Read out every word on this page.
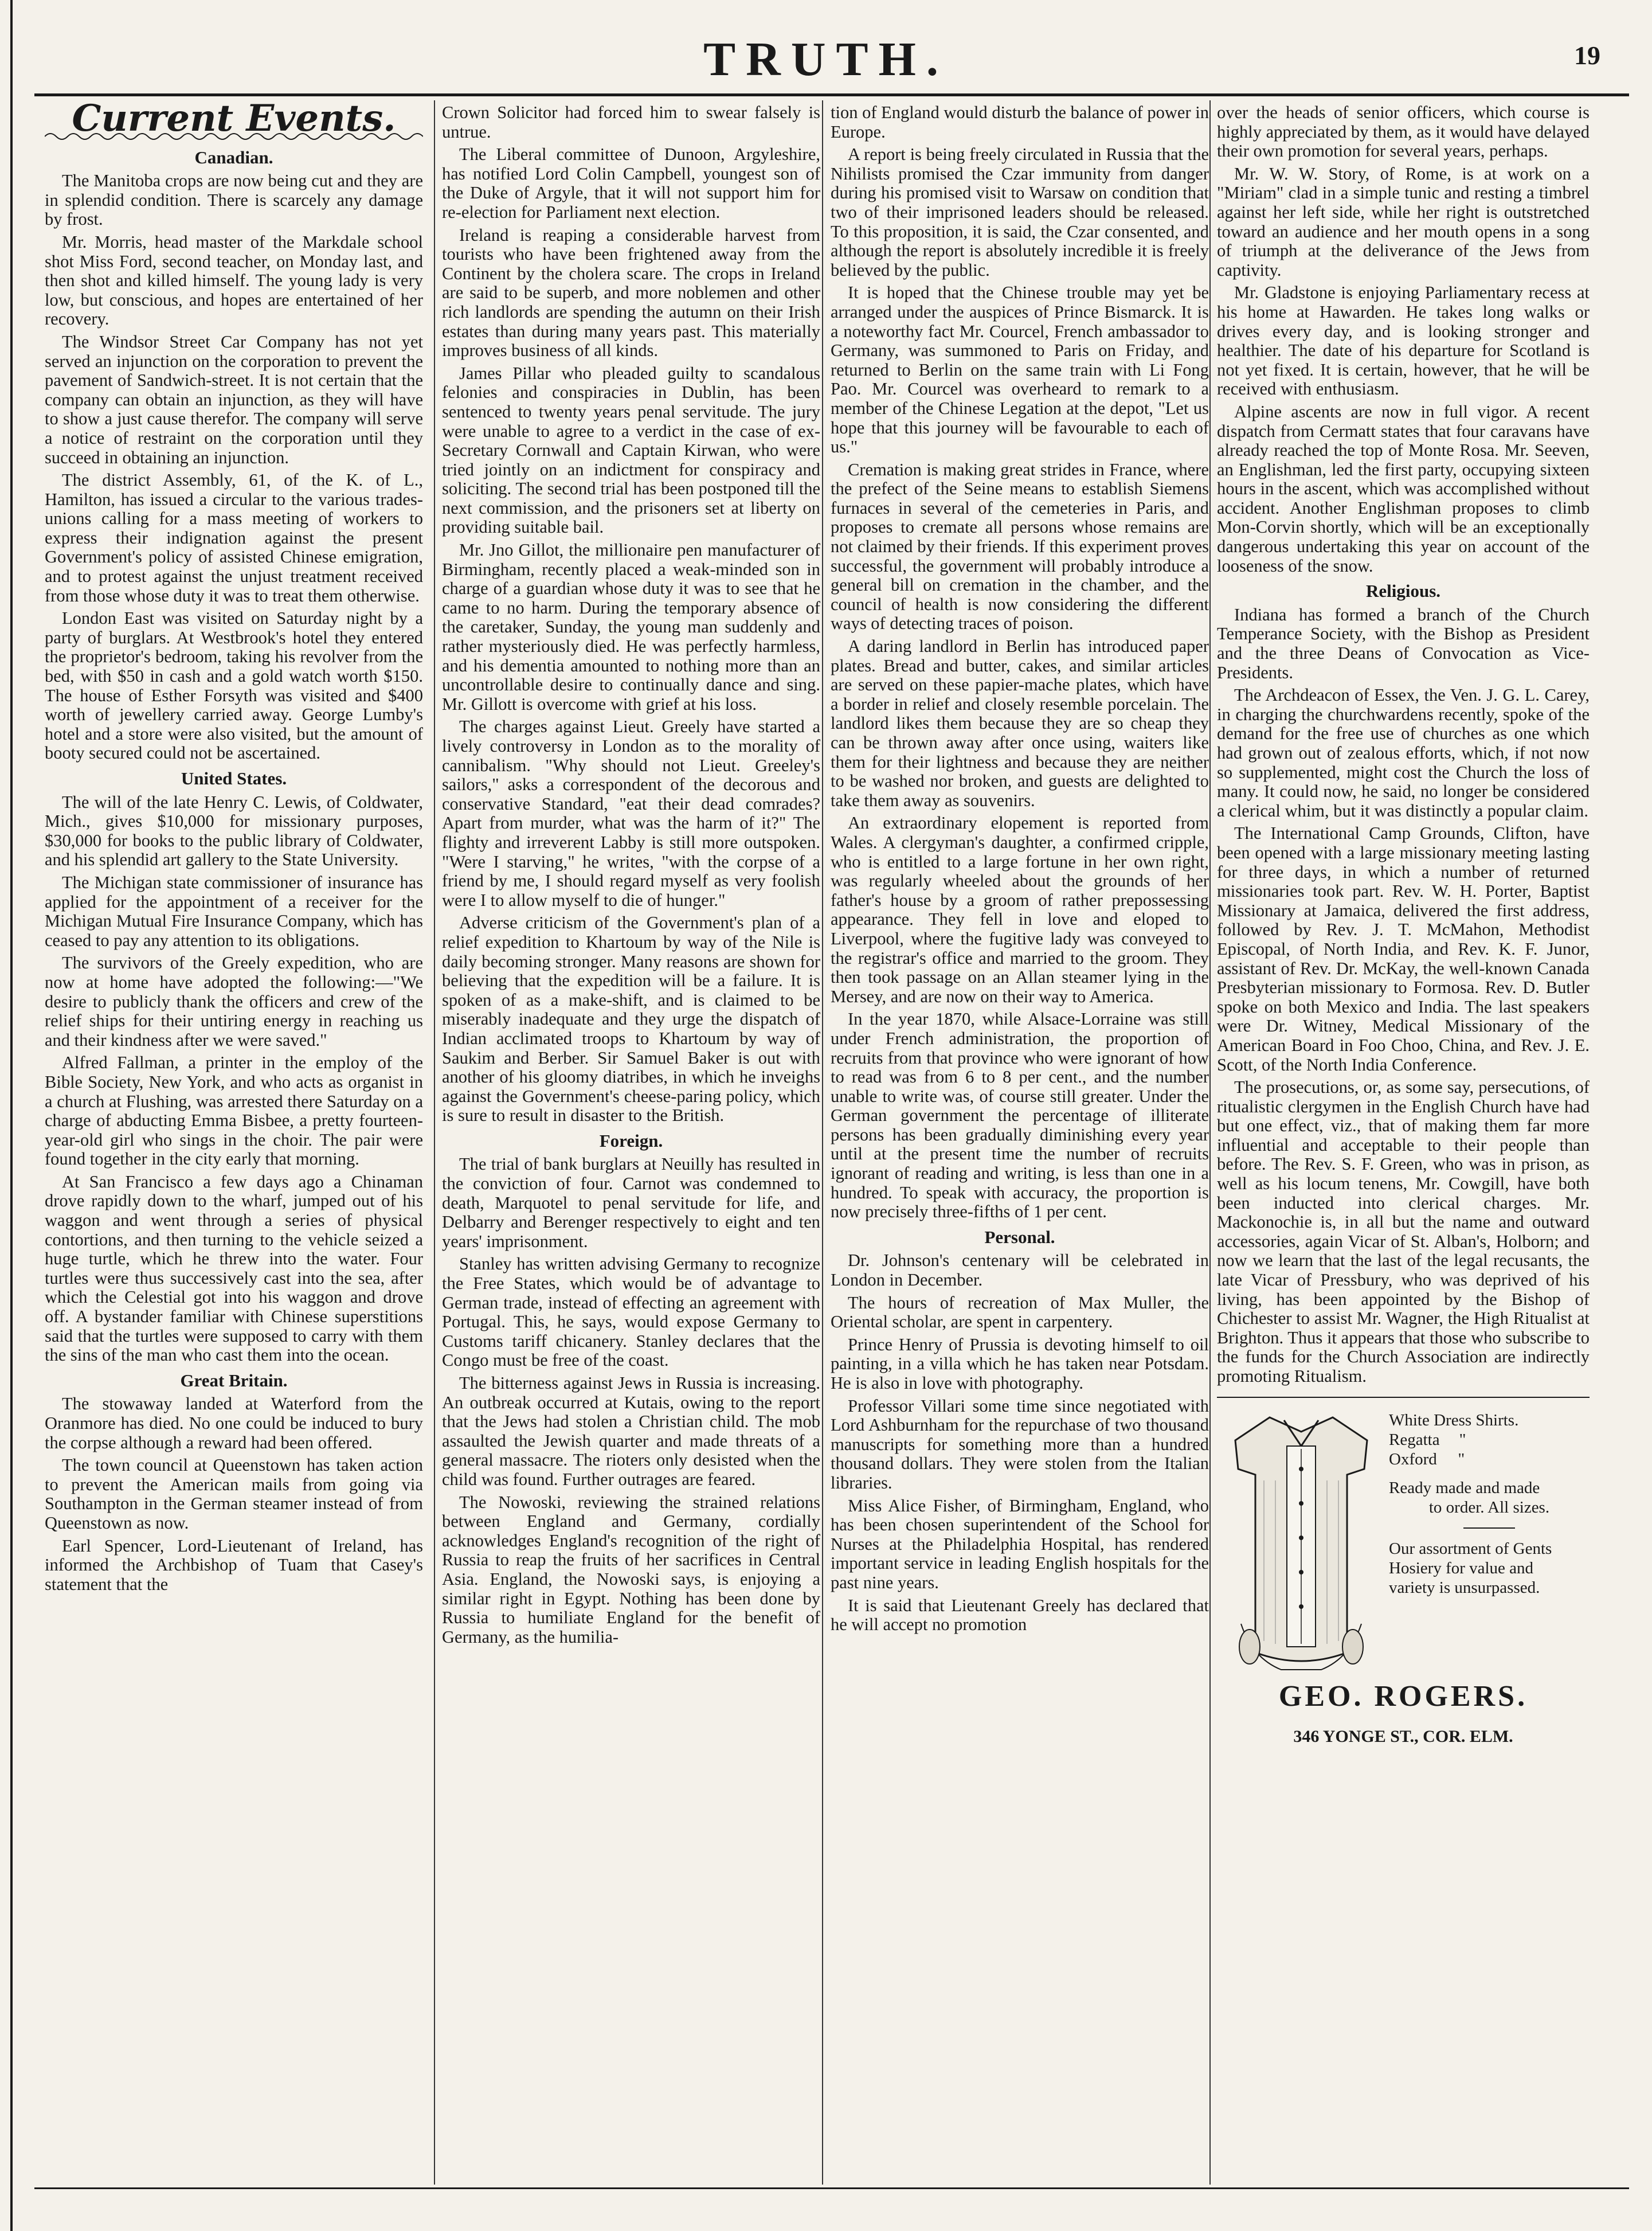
TRUTH.	19
Current Events.
Canadian.

The Manitoba crops are now being cut and they are in splendid condition. There is scarcely any damage by frost.

Mr. Morris, head master of the Markdale school shot Miss Ford, second teacher, on Monday last, and then shot and killed himself. The young lady is very low, but conscious, and hopes are entertained of her recovery.

The Windsor Street Car Company has not yet served an injunction on the corporation to prevent the pavement of Sandwich-street. It is not certain that the company can obtain an injunction, as they will have to show a just cause therefor. The company will serve a notice of restraint on the corporation until they succeed in obtaining an injunction.

The district Assembly, 61, of the K. of L., Hamilton, has issued a circular to the various trades-unions calling for a mass meeting of workers to express their indignation against the present Government's policy of assisted Chinese emigration, and to protest against the unjust treatment received from those whose duty it was to treat them otherwise.

London East was visited on Saturday night by a party of burglars. At Westbrook's hotel they entered the proprietor's bedroom, taking his revolver from the bed, with $50 in cash and a gold watch worth $150. The house of Esther Forsyth was visited and $400 worth of jewellery carried away. George Lumby's hotel and a store were also visited, but the amount of booty secured could not be ascertained.

United States.

The will of the late Henry C. Lewis, of Coldwater, Mich., gives $10,000 for missionary purposes, $30,000 for books to the public library of Coldwater, and his splendid art gallery to the State University.

The Michigan state commissioner of insurance has applied for the appointment of a receiver for the Michigan Mutual Fire Insurance Company, which has ceased to pay any attention to its obligations.

The survivors of the Greely expedition, who are now at home have adopted the following:—"We desire to publicly thank the officers and crew of the relief ships for their untiring energy in reaching us and their kindness after we were saved."

Alfred Fallman, a printer in the employ of the Bible Society, New York, and who acts as organist in a church at Flushing, was arrested there Saturday on a charge of abducting Emma Bisbee, a pretty fourteen-year-old girl who sings in the choir. The pair were found together in the city early that morning.

At San Francisco a few days ago a Chinaman drove rapidly down to the wharf, jumped out of his waggon and went through a series of physical contortions, and then turning to the vehicle seized a huge turtle, which he threw into the water. Four turtles were thus successively cast into the sea, after which the Celestial got into his waggon and drove off. A bystander familiar with Chinese superstitions said that the turtles were supposed to carry with them the sins of the man who cast them into the ocean.

Great Britain.

The stowaway landed at Waterford from the Oranmore has died. No one could be induced to bury the corpse although a reward had been offered.

The town council at Queenstown has taken action to prevent the American mails from going via Southampton in the German steamer instead of from Queenstown as now.

Earl Spencer, Lord-Lieutenant of Ireland, has informed the Archbishop of Tuam that Casey's statement that the

Crown Solicitor had forced him to swear falsely is untrue.

The Liberal committee of Dunoon, Argyleshire, has notified Lord Colin Campbell, youngest son of the Duke of Argyle, that it will not support him for re-election for Parliament next election.

Ireland is reaping a considerable harvest from tourists who have been frightened away from the Continent by the cholera scare. The crops in Ireland are said to be superb, and more noblemen and other rich landlords are spending the autumn on their Irish estates than during many years past. This materially improves business of all kinds.

James Pillar who pleaded guilty to scandalous felonies and conspiracies in Dublin, has been sentenced to twenty years penal servitude. The jury were unable to agree to a verdict in the case of ex-Secretary Cornwall and Captain Kirwan, who were tried jointly on an indictment for conspiracy and soliciting. The second trial has been postponed till the next commission, and the prisoners set at liberty on providing suitable bail.

Mr. Jno Gillot, the millionaire pen manufacturer of Birmingham, recently placed a weak-minded son in charge of a guardian whose duty it was to see that he came to no harm. During the temporary absence of the caretaker, Sunday, the young man suddenly and rather mysteriously died. He was perfectly harmless, and his dementia amounted to nothing more than an uncontrollable desire to continually dance and sing. Mr. Gillott is overcome with grief at his loss.

The charges against Lieut. Greely have started a lively controversy in London as to the morality of cannibalism. "Why should not Lieut. Greeley's sailors," asks a correspondent of the decorous and conservative Standard, "eat their dead comrades? Apart from murder, what was the harm of it?" The flighty and irreverent Labby is still more outspoken. "Were I starving," he writes, "with the corpse of a friend by me, I should regard myself as very foolish were I to allow myself to die of hunger."

Adverse criticism of the Government's plan of a relief expedition to Khartoum by way of the Nile is daily becoming stronger. Many reasons are shown for believing that the expedition will be a failure. It is spoken of as a make-shift, and is claimed to be miserably inadequate and they urge the dispatch of Indian acclimated troops to Khartoum by way of Saukim and Berber. Sir Samuel Baker is out with another of his gloomy diatribes, in which he inveighs against the Government's cheese-paring policy, which is sure to result in disaster to the British.

Foreign.

The trial of bank burglars at Neuilly has resulted in the conviction of four. Carnot was condemned to death, Marquotel to penal servitude for life, and Delbarry and Berenger respectively to eight and ten years' imprisonment.

Stanley has written advising Germany to recognize the Free States, which would be of advantage to German trade, instead of effecting an agreement with Portugal. This, he says, would expose Germany to Customs tariff chicanery. Stanley declares that the Congo must be free of the coast.

The bitterness against Jews in Russia is increasing. An outbreak occurred at Kutais, owing to the report that the Jews had stolen a Christian child. The mob assaulted the Jewish quarter and made threats of a general massacre. The rioters only desisted when the child was found. Further outrages are feared.

The Nowoski, reviewing the strained relations between England and Germany, cordially acknowledges England's recognition of the right of Russia to reap the fruits of her sacrifices in Central Asia. England, the Nowoski says, is enjoying a similar right in Egypt. Nothing has been done by Russia to humiliate England for the benefit of Germany, as the humilia-

tion of England would disturb the balance of power in Europe.

A report is being freely circulated in Russia that the Nihilists promised the Czar immunity from danger during his promised visit to Warsaw on condition that two of their imprisoned leaders should be released. To this proposition, it is said, the Czar consented, and although the report is absolutely incredible it is freely believed by the public.

It is hoped that the Chinese trouble may yet be arranged under the auspices of Prince Bismarck. It is a noteworthy fact Mr. Courcel, French ambassador to Germany, was summoned to Paris on Friday, and returned to Berlin on the same train with Li Fong Pao. Mr. Courcel was overheard to remark to a member of the Chinese Legation at the depot, "Let us hope that this journey will be favourable to each of us."

Cremation is making great strides in France, where the prefect of the Seine means to establish Siemens furnaces in several of the cemeteries in Paris, and proposes to cremate all persons whose remains are not claimed by their friends. If this experiment proves successful, the government will probably introduce a general bill on cremation in the chamber, and the council of health is now considering the different ways of detecting traces of poison.

A daring landlord in Berlin has introduced paper plates. Bread and butter, cakes, and similar articles are served on these papier-mache plates, which have a border in relief and closely resemble porcelain. The landlord likes them because they are so cheap they can be thrown away after once using, waiters like them for their lightness and because they are neither to be washed nor broken, and guests are delighted to take them away as souvenirs.

An extraordinary elopement is reported from Wales. A clergyman's daughter, a confirmed cripple, who is entitled to a large fortune in her own right, was regularly wheeled about the grounds of her father's house by a groom of rather prepossessing appearance. They fell in love and eloped to Liverpool, where the fugitive lady was conveyed to the registrar's office and married to the groom. They then took passage on an Allan steamer lying in the Mersey, and are now on their way to America.

In the year 1870, while Alsace-Lorraine was still under French administration, the proportion of recruits from that province who were ignorant of how to read was from 6 to 8 per cent., and the number unable to write was, of course still greater. Under the German government the percentage of illiterate persons has been gradually diminishing every year until at the present time the number of recruits ignorant of reading and writing, is less than one in a hundred. To speak with accuracy, the proportion is now precisely three-fifths of 1 per cent.

Personal.

Dr. Johnson's centenary will be celebrated in London in December.

The hours of recreation of Max Muller, the Oriental scholar, are spent in carpentery.

Prince Henry of Prussia is devoting himself to oil painting, in a villa which he has taken near Potsdam. He is also in love with photography.

Professor Villari some time since negotiated with Lord Ashburnham for the repurchase of two thousand manuscripts for something more than a hundred thousand dollars. They were stolen from the Italian libraries.

Miss Alice Fisher, of Birmingham, England, who has been chosen superintendent of the School for Nurses at the Philadelphia Hospital, has rendered important service in leading English hospitals for the past nine years.

It is said that Lieutenant Greely has declared that he will accept no promotion

over the heads of senior officers, which course is highly appreciated by them, as it would have delayed their own promotion for several years, perhaps.

Mr. W. W. Story, of Rome, is at work on a "Miriam" clad in a simple tunic and resting a timbrel against her left side, while her right is outstretched toward an audience and her mouth opens in a song of triumph at the deliverance of the Jews from captivity.

Mr. Gladstone is enjoying Parliamentary recess at his home at Hawarden. He takes long walks or drives every day, and is looking stronger and healthier. The date of his departure for Scotland is not yet fixed. It is certain, however, that he will be received with enthusiasm.

Alpine ascents are now in full vigor. A recent dispatch from Cermatt states that four caravans have already reached the top of Monte Rosa. Mr. Seeven, an Englishman, led the first party, occupying sixteen hours in the ascent, which was accomplished without accident. Another Englishman proposes to climb Mon-Corvin shortly, which will be an exceptionally dangerous undertaking this year on account of the looseness of the snow.

Religious.

Indiana has formed a branch of the Church Temperance Society, with the Bishop as President and the three Deans of Convocation as Vice-Presidents.

The Archdeacon of Essex, the Ven. J. G. L. Carey, in charging the churchwardens recently, spoke of the demand for the free use of churches as one which had grown out of zealous efforts, which, if not now so supplemented, might cost the Church the loss of many. It could now, he said, no longer be considered a clerical whim, but it was distinctly a popular claim.

The International Camp Grounds, Clifton, have been opened with a large missionary meeting lasting for three days, in which a number of returned missionaries took part. Rev. W. H. Porter, Baptist Missionary at Jamaica, delivered the first address, followed by Rev. J. T. McMahon, Methodist Episcopal, of North India, and Rev. K. F. Junor, assistant of Rev. Dr. McKay, the well-known Canada Presbyterian missionary to Formosa. Rev. D. Butler spoke on both Mexico and India. The last speakers were Dr. Witney, Medical Missionary of the American Board in Foo Choo, China, and Rev. J. E. Scott, of the North India Conference.

The prosecutions, or, as some say, persecutions, of ritualistic clergymen in the English Church have had but one effect, viz., that of making them far more influential and acceptable to their people than before. The Rev. S. F. Green, who was in prison, as well as his locum tenens, Mr. Cowgill, have both been inducted into clerical charges. Mr. Mackonochie is, in all but the name and outward accessories, again Vicar of St. Alban's, Holborn; and now we learn that the last of the legal recusants, the late Vicar of Pressbury, who was deprived of his living, has been appointed by the Bishop of Chichester to assist Mr. Wagner, the High Ritualist at Brighton. Thus it appears that those who subscribe to the funds for the Church Association are indirectly promoting Ritualism.

White Dress Shirts.
Regatta "
Oxford "
Ready made and made
to order. All sizes.
Our assortment of Gents
Hosiery for value and
variety is unsurpassed.
GEO. ROGERS.
346 YONGE ST., COR. ELM.
